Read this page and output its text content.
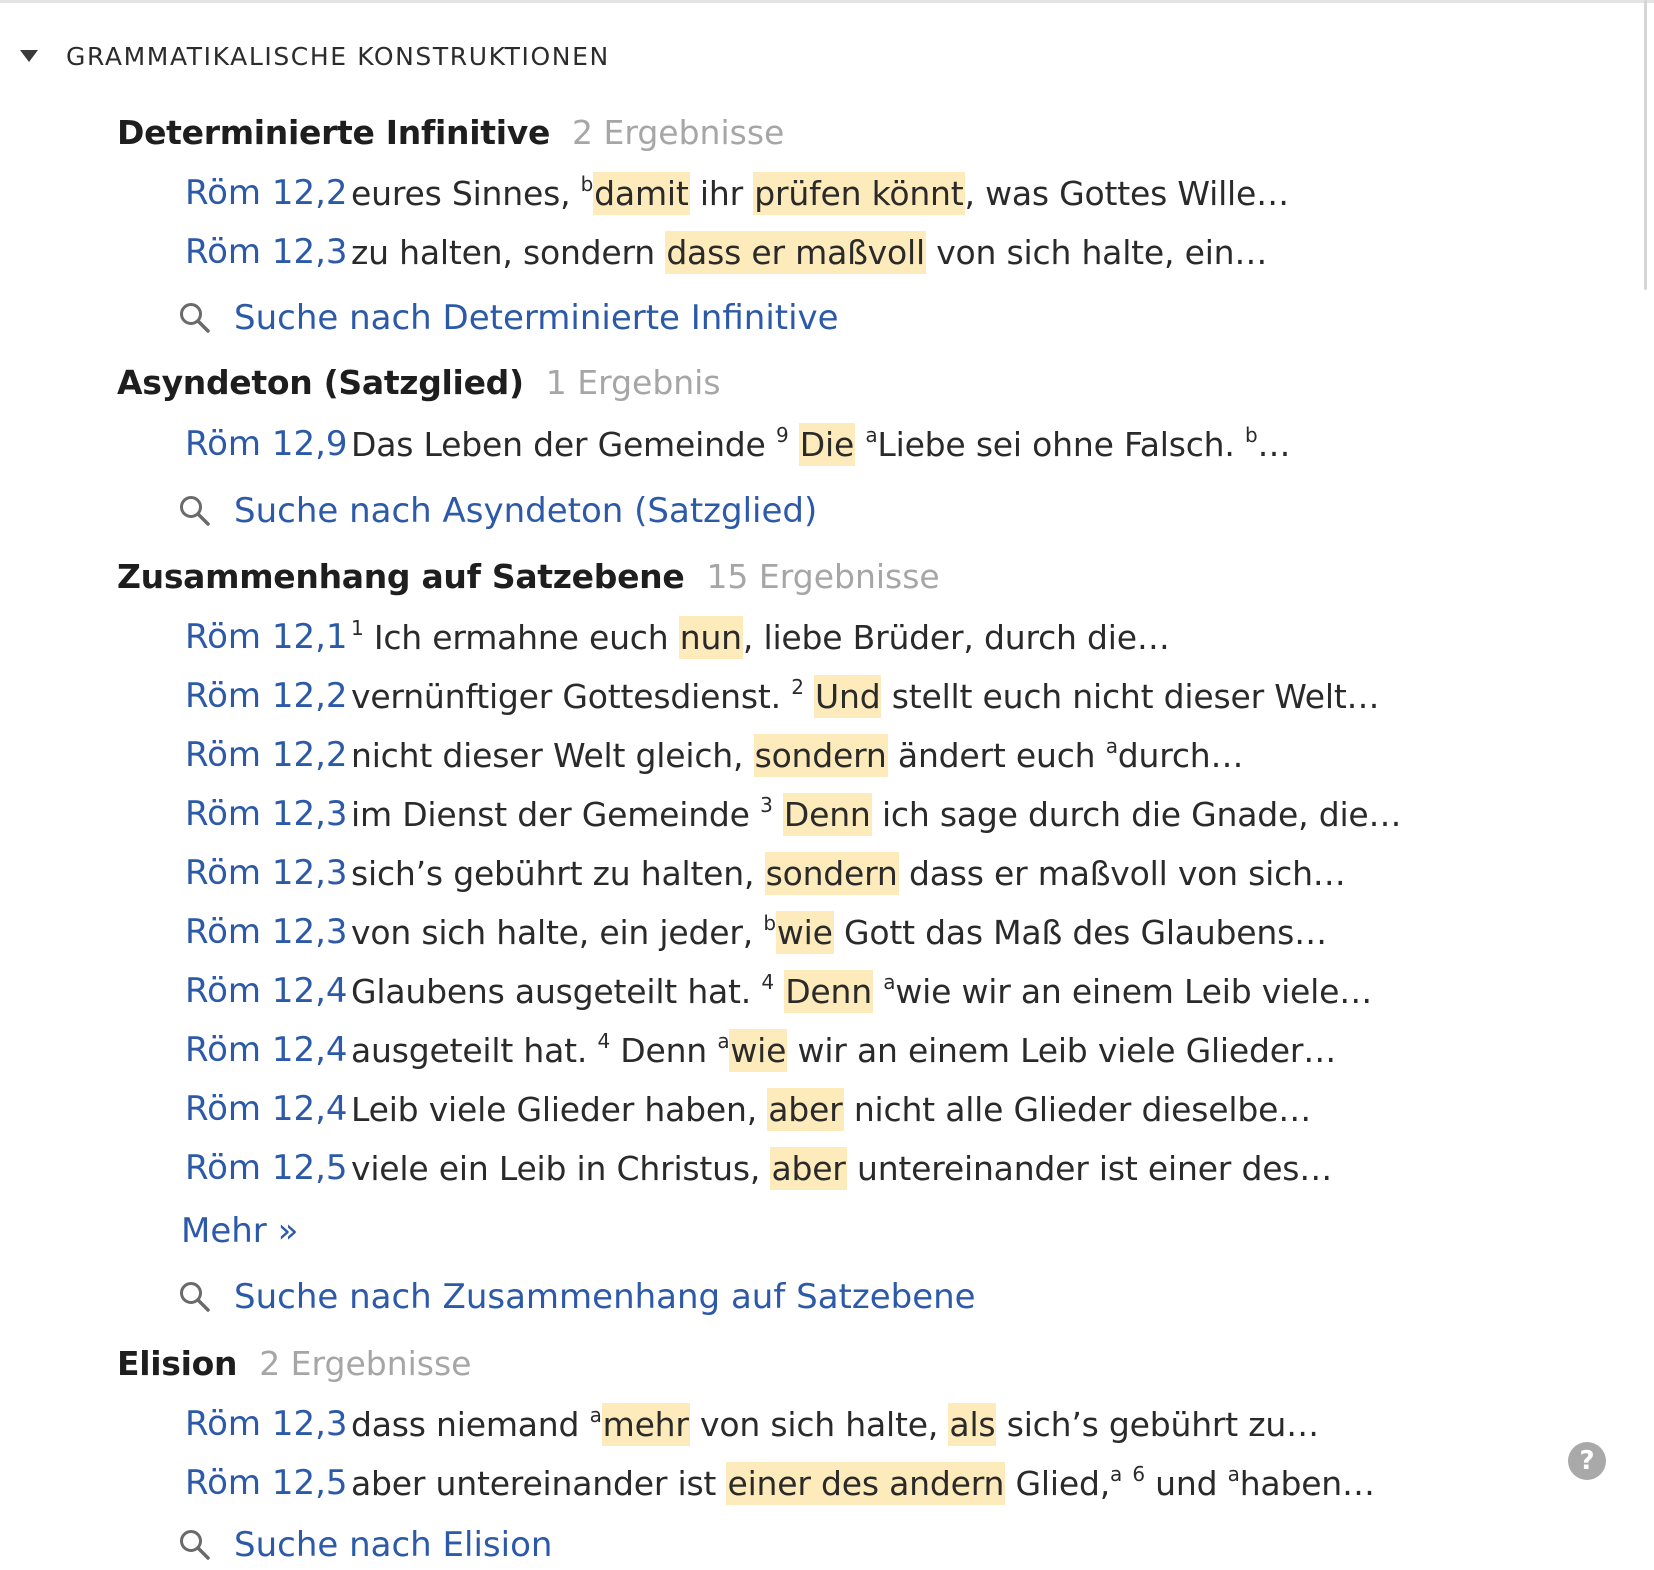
GRAMMATIKALISCHE KONSTRUKTIONEN
Determinierte Infinitive 2 Ergebnisse
Röm 12,2 eures Sinnes, $^b$damit ihr prüfen könnt, was Gottes Wille…
Röm 12,3 zu halten, sondern dass er maßvoll von sich halte, ein…
Suche nach Determinierte Infinitive
Asyndeton (Satzglied) 1 Ergebnis
Röm 12,9 Das Leben der Gemeinde $^9$ Die $^a$Liebe sei ohne Falsch. $^b$…
Suche nach Asyndeton (Satzglied)
Zusammenhang auf Satzebene 15 Ergebnisse
Röm 12,1 $^1$ Ich ermahne euch nun, liebe Brüder, durch die…
Röm 12,2 vernünftiger Gottesdienst. $^2$ Und stellt euch nicht dieser Welt…
Röm 12,2 nicht dieser Welt gleich, sondern ändert euch $^a$durch…
Röm 12,3 im Dienst der Gemeinde $^3$ Denn ich sage durch die Gnade, die…
Röm 12,3 sich’s gebührt zu halten, sondern dass er maßvoll von sich…
Röm 12,3 von sich halte, ein jeder, $^b$wie Gott das Maß des Glaubens…
Röm 12,4 Glaubens ausgeteilt hat. $^4$ Denn $^a$wie wir an einem Leib viele…
Röm 12,4 ausgeteilt hat. $^4$ Denn $^a$wie wir an einem Leib viele Glieder…
Röm 12,4 Leib viele Glieder haben, aber nicht alle Glieder dieselbe…
Röm 12,5 viele ein Leib in Christus, aber untereinander ist einer des…
Mehr »
Suche nach Zusammenhang auf Satzebene
Elision 2 Ergebnisse
Röm 12,3 dass niemand $^a$mehr von sich halte, als sich’s gebührt zu…
Röm 12,5 aber untereinander ist einer des andern Glied,$^a$ $^6$ und $^a$haben…
Suche nach Elision
?
